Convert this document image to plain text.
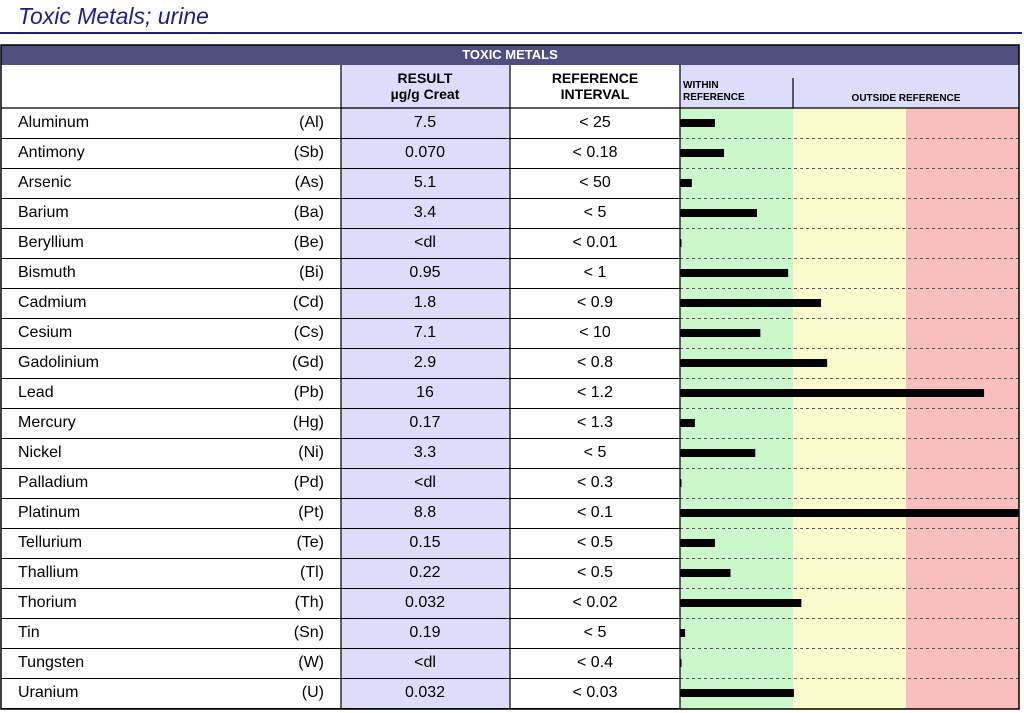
Toxic Metals; urine
TOXIC METALS
RESULT
µg/g Creat
REFERENCE
INTERVAL
WITHIN
REFERENCE	OUTSIDE REFERENCE
Aluminum	(Al)	7.5	< 25
Antimony	(Sb)	0.070	< 0.18
Arsenic	(As)	5.1	< 50
Barium	(Ba)	3.4	< 5
Beryllium	(Be)	<dl	< 0.01
Bismuth	(Bi)	0.95	< 1
Cadmium	(Cd)	1.8	< 0.9
Cesium	(Cs)	7.1	< 10
Gadolinium	(Gd)	2.9	< 0.8
Lead	(Pb)	16	< 1.2
Mercury	(Hg)	0.17	< 1.3
Nickel	(Ni)	3.3	< 5
Palladium	(Pd)	<dl	< 0.3
Platinum	(Pt)	8.8	< 0.1
Tellurium	(Te)	0.15	< 0.5
Thallium	(Tl)	0.22	< 0.5
Thorium	(Th)	0.032	< 0.02
Tin	(Sn)	0.19	< 5
Tungsten	(W)	<dl	< 0.4
Uranium	(U)	0.032	< 0.03
